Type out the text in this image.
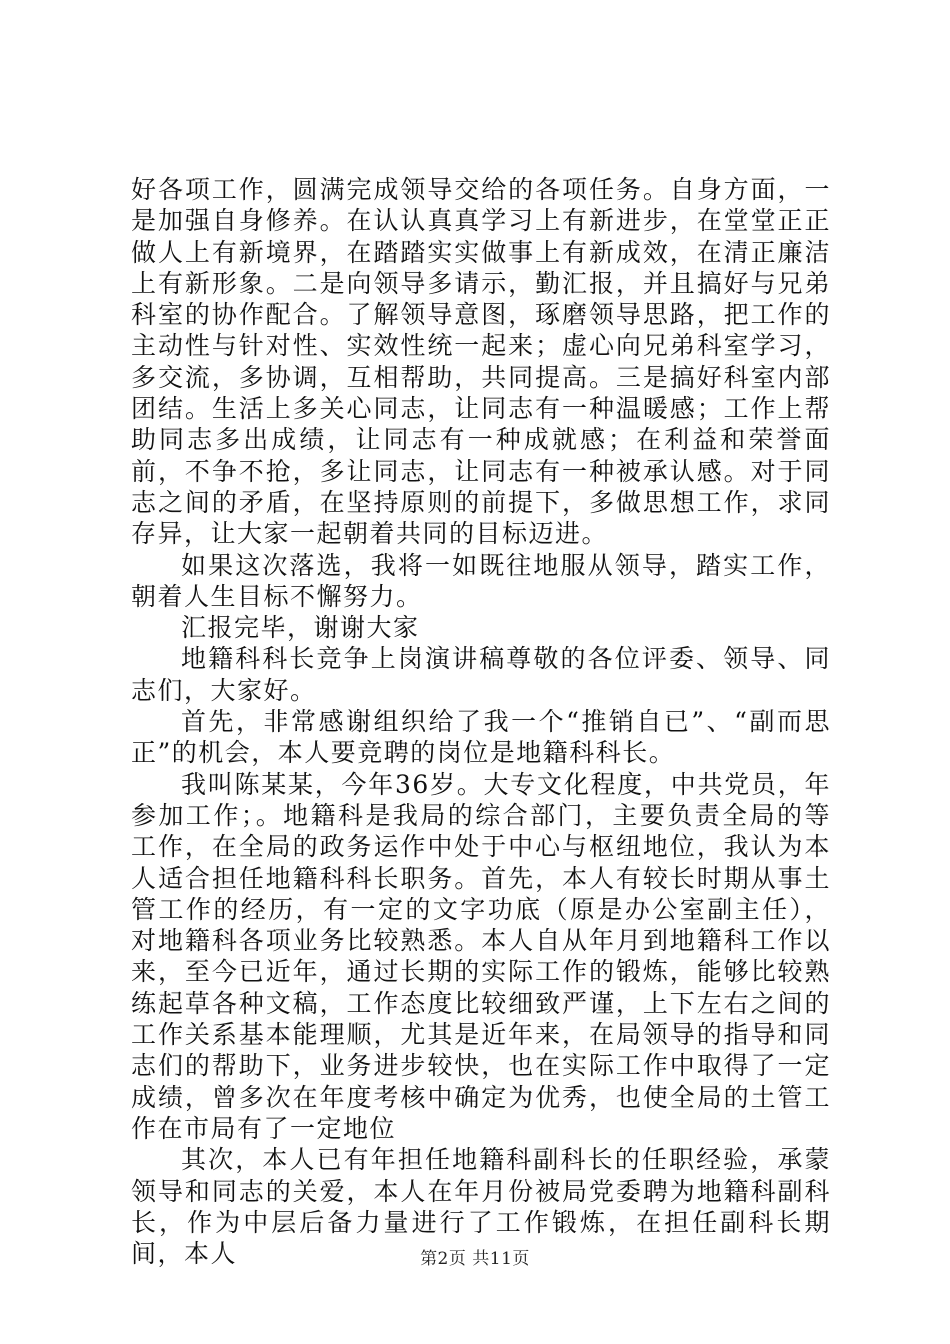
好各项工作，圆满完成领导交给的各项任务。自身方面，一是加强自身修养。在认认真真学习上有新进步，在堂堂正正做人上有新境界，在踏踏实实做事上有新成效，在清正廉洁上有新形象。二是向领导多请示，勤汇报，并且搞好与兄弟科室的协作配合。了解领导意图，琢磨领导思路，把工作的主动性与针对性、实效性统一起来；虚心向兄弟科室学习，多交流，多协调，互相帮助，共同提高。三是搞好科室内部团结。生活上多关心同志，让同志有一种温暖感；工作上帮助同志多出成绩，让同志有一种成就感；在利益和荣誉面前，不争不抢，多让同志，让同志有一种被承认感。对于同志之间的矛盾，在坚持原则的前提下，多做思想工作，求同存异，让大家一起朝着共同的目标迈进。

如果这次落选，我将一如既往地服从领导，踏实工作，朝着人生目标不懈努力。

汇报完毕，谢谢大家

地籍科科长竞争上岗演讲稿尊敬的各位评委、领导、同志们，大家好。

首先，非常感谢组织给了我一个“推销自已”、“副而思正”的机会，本人要竞聘的岗位是地籍科科长。

我叫陈某某，今年36岁。大专文化程度，中共党员，年参加工作；。地籍科是我局的综合部门，主要负责全局的等工作，在全局的政务运作中处于中心与枢纽地位，我认为本人适合担任地籍科科长职务。首先，本人有较长时期从事土管工作的经历，有一定的文字功底（原是办公室副主任），对地籍科各项业务比较熟悉。本人自从年月到地籍科工作以来，至今已近年，通过长期的实际工作的锻炼，能够比较熟练起草各种文稿，工作态度比较细致严谨，上下左右之间的工作关系基本能理顺，尤其是近年来，在局领导的指导和同志们的帮助下，业务进步较快，也在实际工作中取得了一定成绩，曾多次在年度考核中确定为优秀，也使全局的土管工作在市局有了一定地位

其次，本人已有年担任地籍科副科长的任职经验，承蒙领导和同志的关爱，本人在年月份被局党委聘为地籍科副科长，作为中层后备力量进行了工作锻炼，在担任副科长期间，本人	第2页 共11页
